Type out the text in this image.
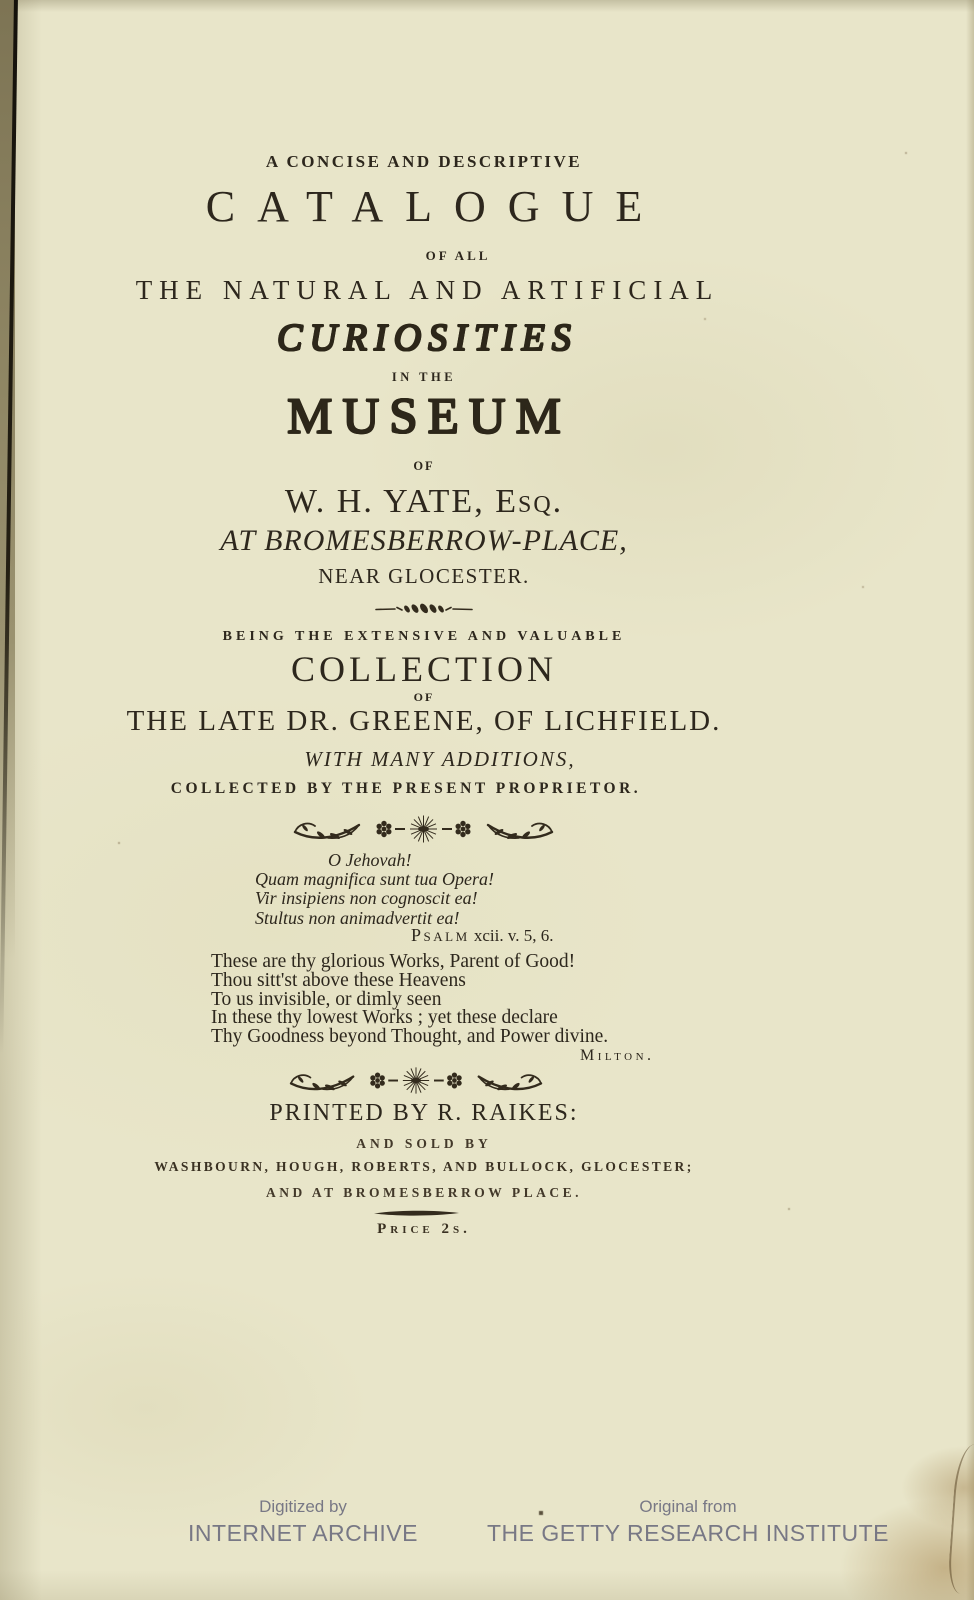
A CONCISE AND DESCRIPTIVE
CATALOGUE
OF ALL
THE NATURAL AND ARTIFICIAL
CURIOSITIES
IN THE
MUSEUM
OF
W. H. YATE, Esq.
AT BROMESBERROW-PLACE,
NEAR GLOCESTER.
BEING THE EXTENSIVE AND VALUABLE
COLLECTION
OF
THE LATE DR. GREENE, OF LICHFIELD.
WITH MANY ADDITIONS,
COLLECTED BY THE PRESENT PROPRIETOR.
O Jehovah!
Quam magnifica sunt tua Opera!
Vir insipiens non cognoscit ea!
Stultus non animadvertit ea!
Psalm xcii. v. 5, 6.
These are thy glorious Works, Parent of Good!
Thou sitt'st above these Heavens
To us invisible, or dimly seen
In these thy lowest Works ; yet these declare
Thy Goodness beyond Thought, and Power divine.
Milton.
PRINTED BY R. RAIKES:
AND SOLD BY
WASHBOURN, HOUGH, ROBERTS, AND BULLOCK, GLOCESTER;
AND AT BROMESBERROW PLACE.
Price 2s.
Digitized by
INTERNET ARCHIVE
Original from
THE GETTY RESEARCH INSTITUTE
